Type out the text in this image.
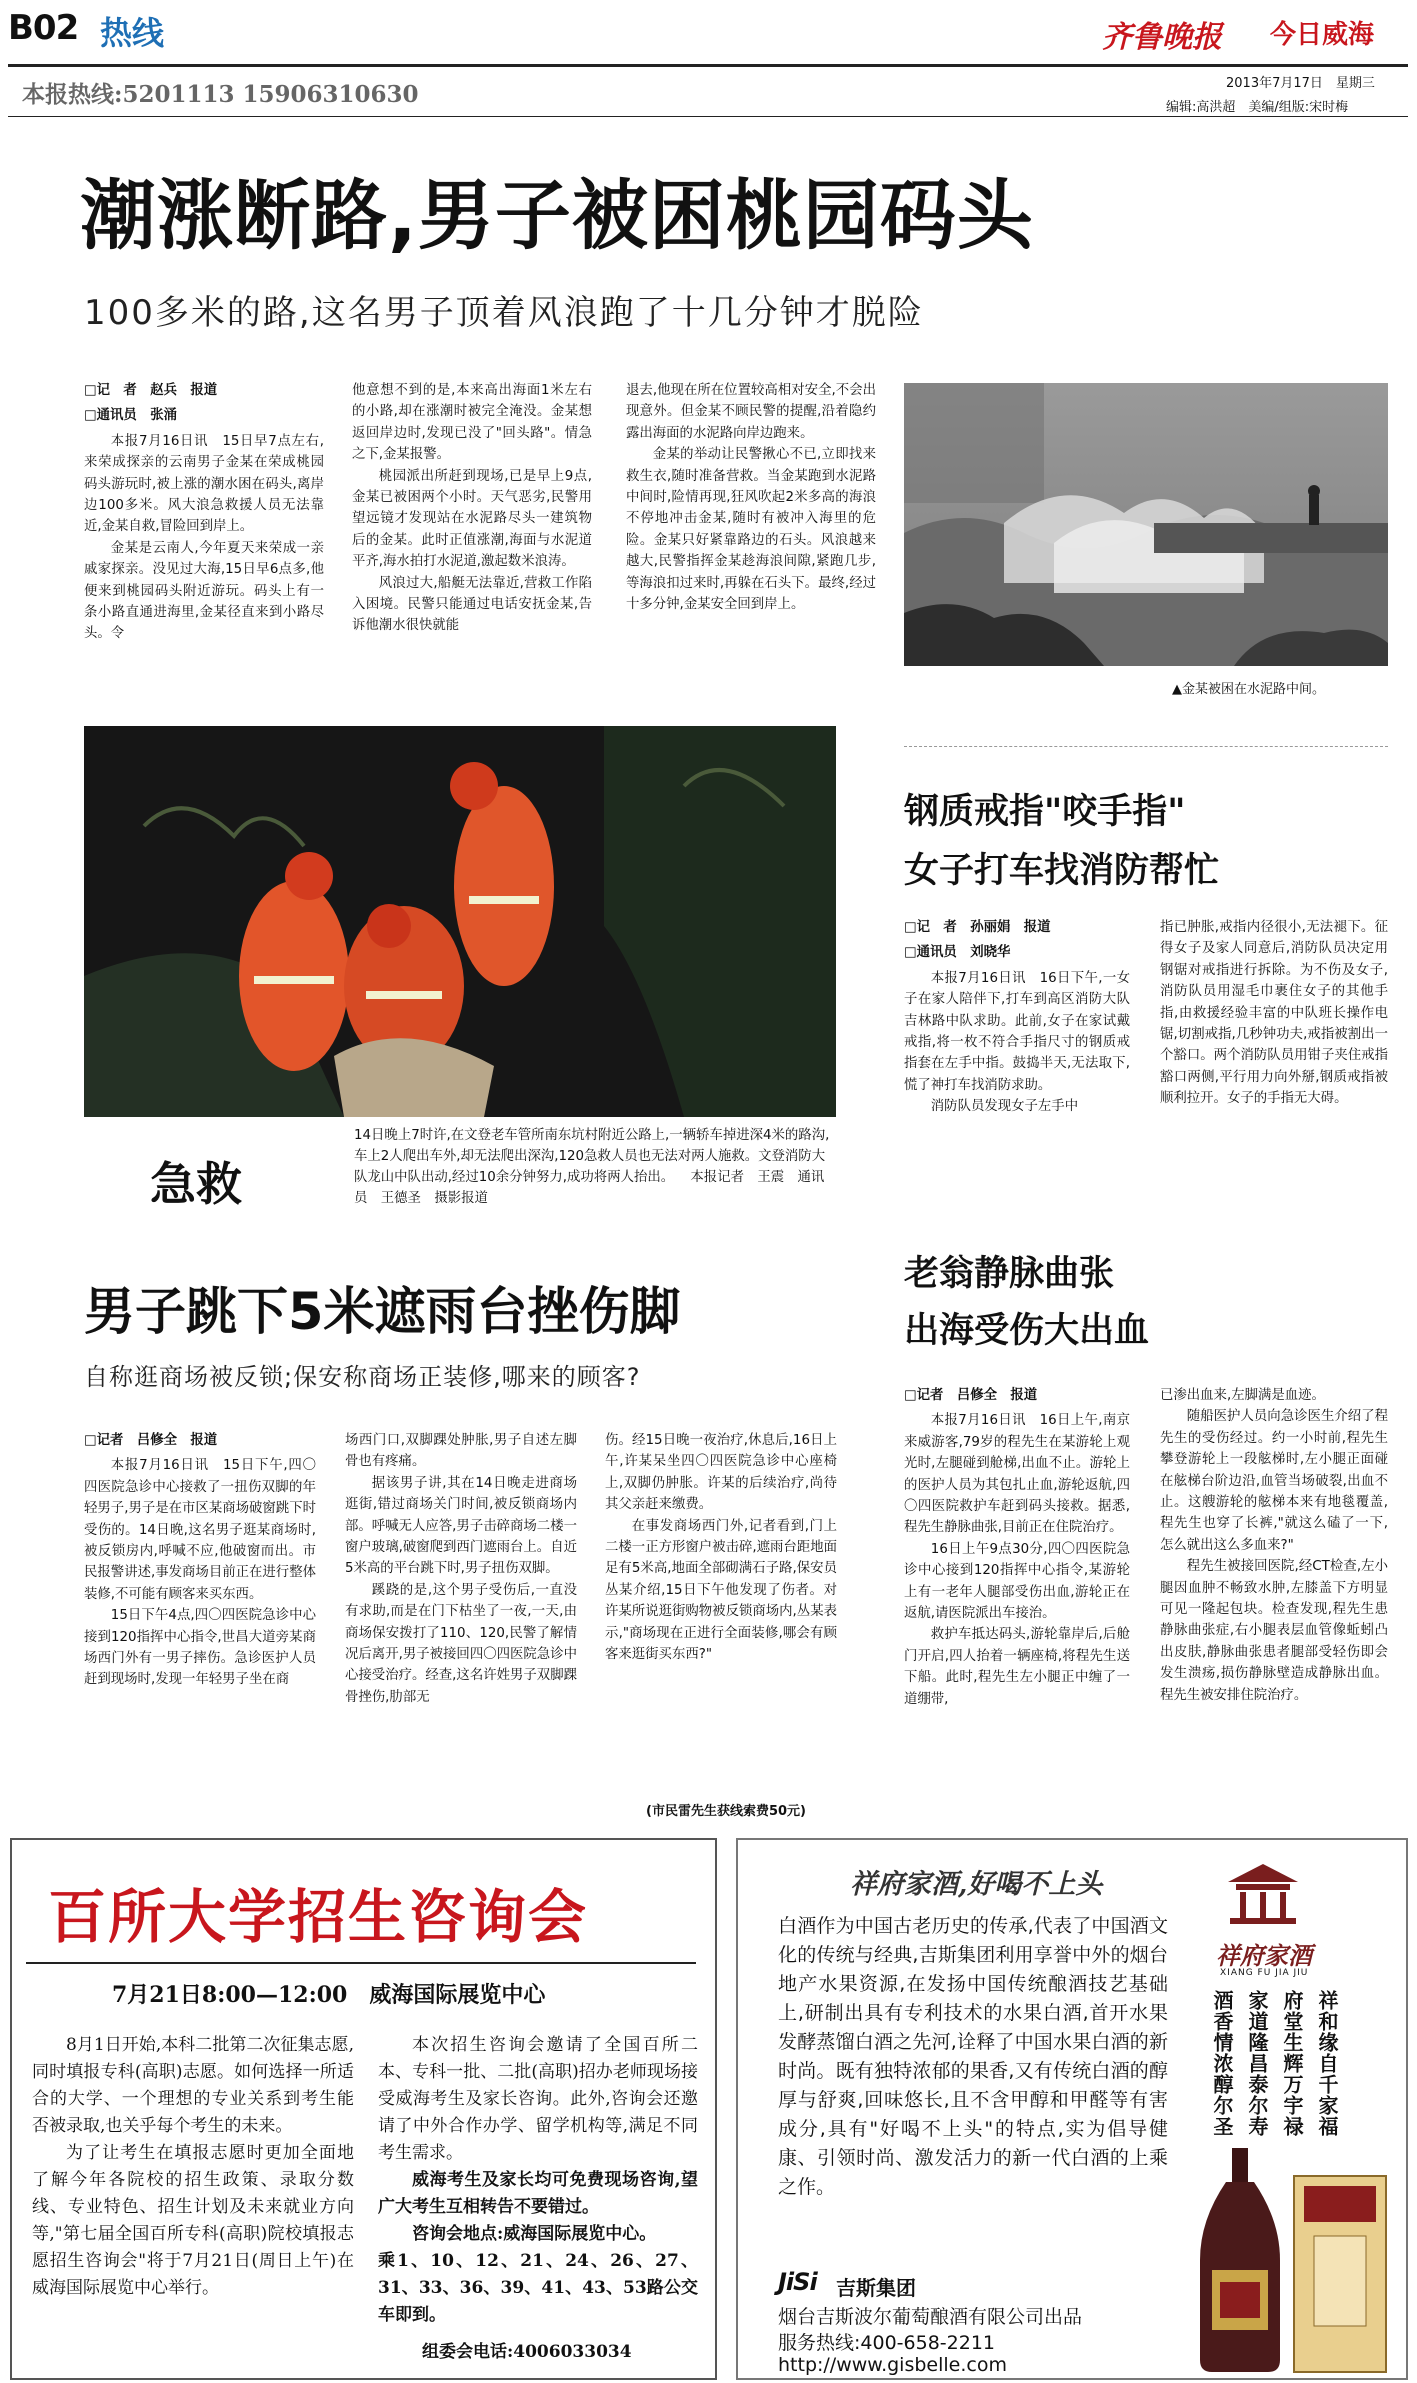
B02 热线	齐鲁晚报 今日威海
本报热线:5201113 15906310630	2013年7月17日　星期三
编辑:高洪超　美编/组版:宋时梅
潮涨断路,男子被困桃园码头
100多米的路,这名男子顶着风浪跑了十几分钟才脱险

□记　者　赵兵　报道

□通讯员　张涌

本报7月16日讯　15日早7点左右,来荣成探亲的云南男子金某在荣成桃园码头游玩时,被上涨的潮水困在码头,离岸边100多米。风大浪急救援人员无法靠近,金某自救,冒险回到岸上。

金某是云南人,今年夏天来荣成一亲戚家探亲。没见过大海,15日早6点多,他便来到桃园码头附近游玩。码头上有一条小路直通进海里,金某径直来到小路尽头。令

他意想不到的是,本来高出海面1米左右的小路,却在涨潮时被完全淹没。金某想返回岸边时,发现已没了"回头路"。情急之下,金某报警。

桃园派出所赶到现场,已是早上9点,金某已被困两个小时。天气恶劣,民警用望远镜才发现站在水泥路尽头一建筑物后的金某。此时正值涨潮,海面与水泥道平齐,海水拍打水泥道,激起数米浪涛。

风浪过大,船艇无法靠近,营救工作陷入困境。民警只能通过电话安抚金某,告诉他潮水很快就能

退去,他现在所在位置较高相对安全,不会出现意外。但金某不顾民警的提醒,沿着隐约露出海面的水泥路向岸边跑来。

金某的举动让民警揪心不已,立即找来救生衣,随时准备营救。当金某跑到水泥路中间时,险情再现,狂风吹起2米多高的海浪不停地冲击金某,随时有被冲入海里的危险。金某只好紧靠路边的石头。风浪越来越大,民警指挥金某趁海浪间隙,紧跑几步,等海浪扣过来时,再躲在石头下。最终,经过十多分钟,金某安全回到岸上。

▲金某被困在水泥路中间。
急救
14日晚上7时许,在文登老车管所南东坑村附近公路上,一辆轿车掉进深4米的路沟,车上2人爬出车外,却无法爬出深沟,120急救人员也无法对两人施救。文登消防大队龙山中队出动,经过10余分钟努力,成功将两人抬出。 本报记者　王震　通讯员　王德圣　摄影报道
男子跳下5米遮雨台挫伤脚
自称逛商场被反锁;保安称商场正装修,哪来的顾客?

□记者　吕修全　报道

本报7月16日讯　15日下午,四〇四医院急诊中心接救了一扭伤双脚的年轻男子,男子是在市区某商场破窗跳下时受伤的。14日晚,这名男子逛某商场时,被反锁房内,呼喊不应,他破窗而出。市民报警讲述,事发商场目前正在进行整体装修,不可能有顾客来买东西。

15日下午4点,四〇四医院急诊中心接到120指挥中心指令,世昌大道旁某商场西门外有一男子摔伤。急诊医护人员赶到现场时,发现一年轻男子坐在商

场西门口,双脚踝处肿胀,男子自述左脚骨也有疼痛。

据该男子讲,其在14日晚走进商场逛街,错过商场关门时间,被反锁商场内部。呼喊无人应答,男子击碎商场二楼一窗户玻璃,破窗爬到西门遮雨台上。自近5米高的平台跳下时,男子扭伤双脚。

蹊跷的是,这个男子受伤后,一直没有求助,而是在门下枯坐了一夜,一天,由商场保安拨打了110、120,民警了解情况后离开,男子被接回四〇四医院急诊中心接受治疗。经查,这名许姓男子双脚踝骨挫伤,肋部无

伤。经15日晚一夜治疗,休息后,16日上午,许某呆坐四〇四医院急诊中心座椅上,双脚仍肿胀。许某的后续治疗,尚待其父亲赶来缴费。

在事发商场西门外,记者看到,门上二楼一正方形窗户被击碎,遮雨台距地面足有5米高,地面全部砌满石子路,保安员丛某介绍,15日下午他发现了伤者。对许某所说逛街购物被反锁商场内,丛某表示,"商场现在正进行全面装修,哪会有顾客来逛街买东西?"

(市民雷先生获线索费50元)
钢质戒指"咬手指"
女子打车找消防帮忙

□记　者　孙丽娟　报道

□通讯员　刘晓华

本报7月16日讯　16日下午,一女子在家人陪伴下,打车到高区消防大队吉林路中队求助。此前,女子在家试戴戒指,将一枚不符合手指尺寸的钢质戒指套在左手中指。鼓捣半天,无法取下,慌了神打车找消防求助。

消防队员发现女子左手中

指已肿胀,戒指内径很小,无法褪下。征得女子及家人同意后,消防队员决定用钢锯对戒指进行拆除。为不伤及女子,消防队员用湿毛巾裹住女子的其他手指,由救援经验丰富的中队班长操作电锯,切割戒指,几秒钟功夫,戒指被割出一个豁口。两个消防队员用钳子夹住戒指豁口两侧,平行用力向外掰,钢质戒指被顺利拉开。女子的手指无大碍。

老翁静脉曲张
出海受伤大出血

□记者　吕修全　报道

本报7月16日讯　16日上午,南京来威游客,79岁的程先生在某游轮上观光时,左腿碰到舱梯,出血不止。游轮上的医护人员为其包扎止血,游轮返航,四〇四医院救护车赶到码头接救。据悉,程先生静脉曲张,目前正在住院治疗。

16日上午9点30分,四〇四医院急诊中心接到120指挥中心指令,某游轮上有一老年人腿部受伤出血,游轮正在返航,请医院派出车接治。

救护车抵达码头,游轮靠岸后,后舱门开启,四人抬着一辆座椅,将程先生送下船。此时,程先生左小腿正中缠了一道绷带,

已渗出血来,左脚满是血迹。

随船医护人员向急诊医生介绍了程先生的受伤经过。约一小时前,程先生攀登游轮上一段舷梯时,左小腿正面碰在舷梯台阶边沿,血管当场破裂,出血不止。这艘游轮的舷梯本来有地毯覆盖,程先生也穿了长裤,"就这么磕了一下,怎么就出这么多血来?"

程先生被接回医院,经CT检查,左小腿因血肿不畅致水肿,左膝盖下方明显可见一隆起包块。检查发现,程先生患静脉曲张症,右小腿表层血管像蚯蚓凸出皮肤,静脉曲张患者腿部受轻伤即会发生溃疡,损伤静脉壁造成静脉出血。程先生被安排住院治疗。

百所大学招生咨询会
7月21日8:00—12:00　威海国际展览中心

8月1日开始,本科二批第二次征集志愿,同时填报专科(高职)志愿。如何选择一所适合的大学、一个理想的专业关系到考生能否被录取,也关乎每个考生的未来。

为了让考生在填报志愿时更加全面地了解今年各院校的招生政策、录取分数线、专业特色、招生计划及未来就业方向等,"第七届全国百所专科(高职)院校填报志愿招生咨询会"将于7月21日(周日上午)在威海国际展览中心举行。

本次招生咨询会邀请了全国百所二本、专科一批、二批(高职)招办老师现场接受威海考生及家长咨询。此外,咨询会还邀请了中外合作办学、留学机构等,满足不同考生需求。

威海考生及家长均可免费现场咨询,望广大考生互相转告不要错过。

咨询会地点:威海国际展览中心。

乘1、10、12、21、24、26、27、31、33、36、39、41、43、53路公交车即到。

组委会电话:4006033034
祥府家酒,好喝不上头
白酒作为中国古老历史的传承,代表了中国酒文化的传统与经典,吉斯集团利用享誉中外的烟台地产水果资源,在发扬中国传统酿酒技艺基础上,研制出具有专利技术的水果白酒,首开水果发酵蒸馏白酒之先河,诠释了中国水果白酒的新时尚。既有独特浓郁的果香,又有传统白酒的醇厚与舒爽,回味悠长,且不含甲醇和甲醛等有害成分,具有"好喝不上头"的特点,实为倡导健康、引领时尚、激发活力的新一代白酒的上乘之作。
JiSi 吉斯集团
烟台吉斯波尔葡萄酿酒有限公司出品
服务热线:400-658-2211
http://www.gisbelle.com
祥府家酒
XIANG FU JIA JIU
祥和缘自千家福
府堂生辉万宇禄
家道隆昌泰尔寿
酒香情浓醇尔圣
